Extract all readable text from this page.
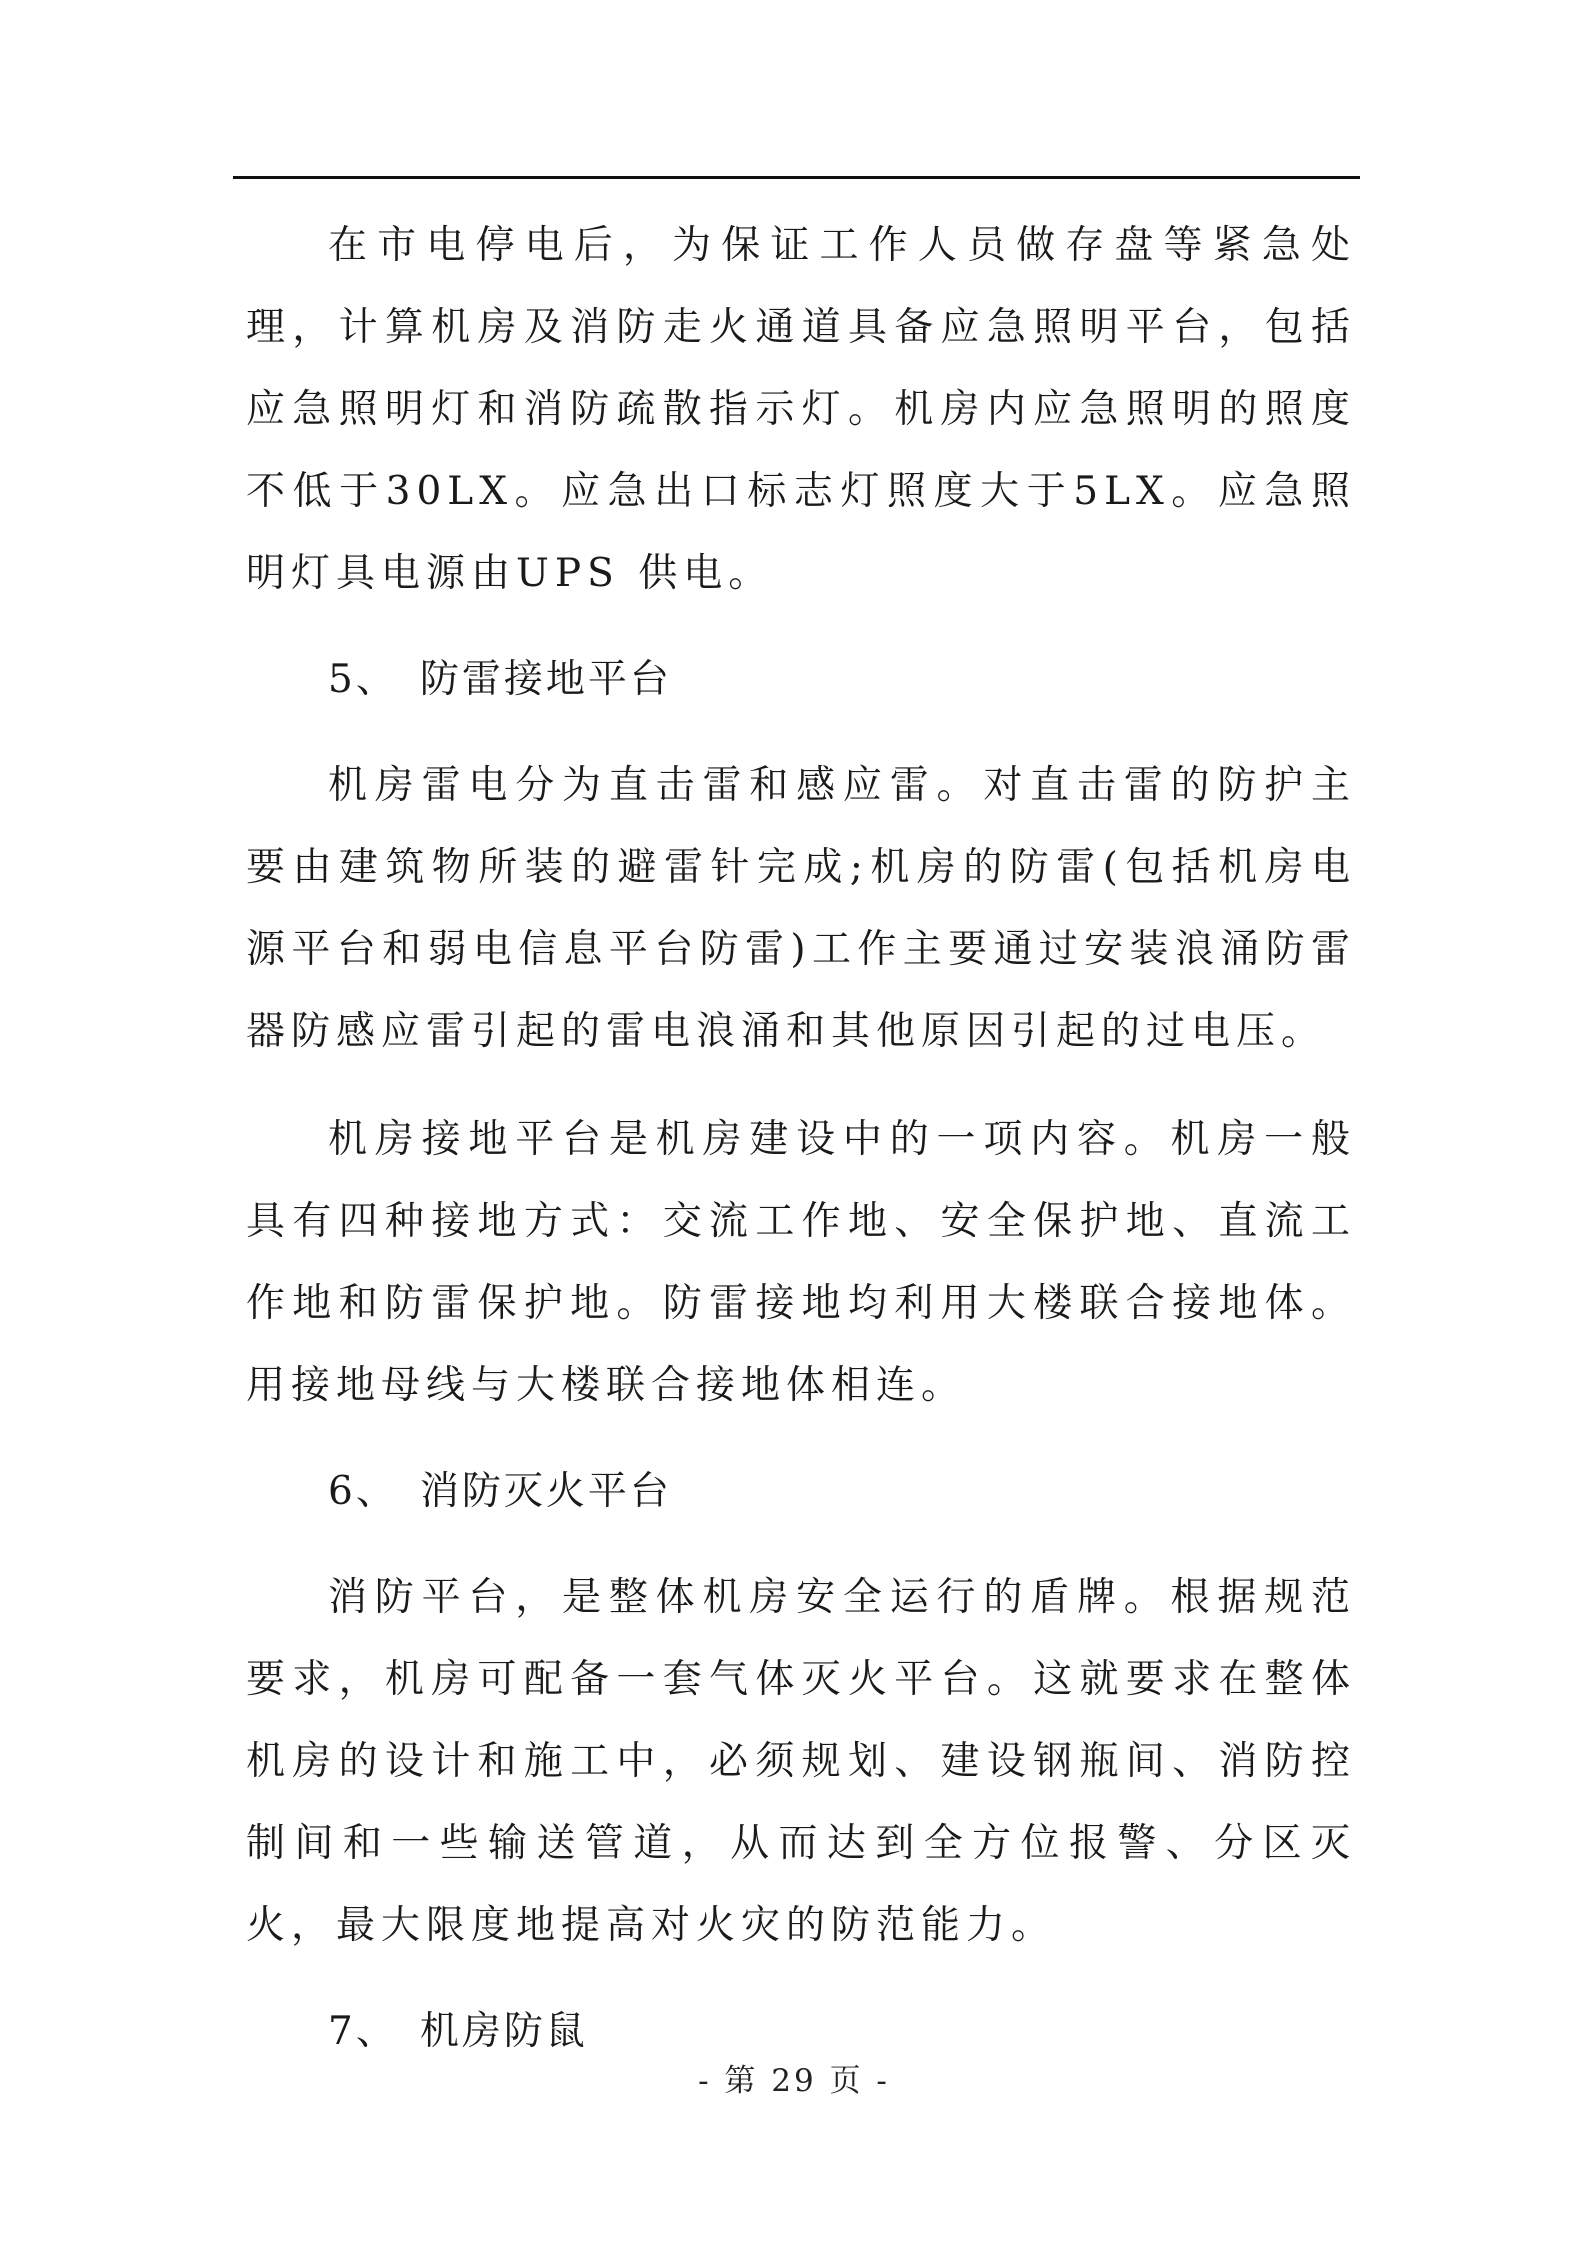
在市电停电后，为保证工作人员做存盘等紧急处理，计算机房及消防走火通道具备应急照明平台，包括应急照明灯和消防疏散指示灯。机房内应急照明的照度不低于30LX。应急出口标志灯照度大于5LX。应急照明灯具电源由UPS 供电。

5、 防雷接地平台

机房雷电分为直击雷和感应雷。对直击雷的防护主要由建筑物所装的避雷针完成;机房的防雷(包括机房电源平台和弱电信息平台防雷)工作主要通过安装浪涌防雷器防感应雷引起的雷电浪涌和其他原因引起的过电压。

机房接地平台是机房建设中的一项内容。机房一般具有四种接地方式：交流工作地、安全保护地、直流工作地和防雷保护地。防雷接地均利用大楼联合接地体。用接地母线与大楼联合接地体相连。

6、 消防灭火平台

消防平台，是整体机房安全运行的盾牌。根据规范要求，机房可配备一套气体灭火平台。这就要求在整体机房的设计和施工中，必须规划、建设钢瓶间、消防控制间和一些输送管道，从而达到全方位报警、分区灭火，最大限度地提高对火灾的防范能力。

7、 机房防鼠

- 第 29 页 -
